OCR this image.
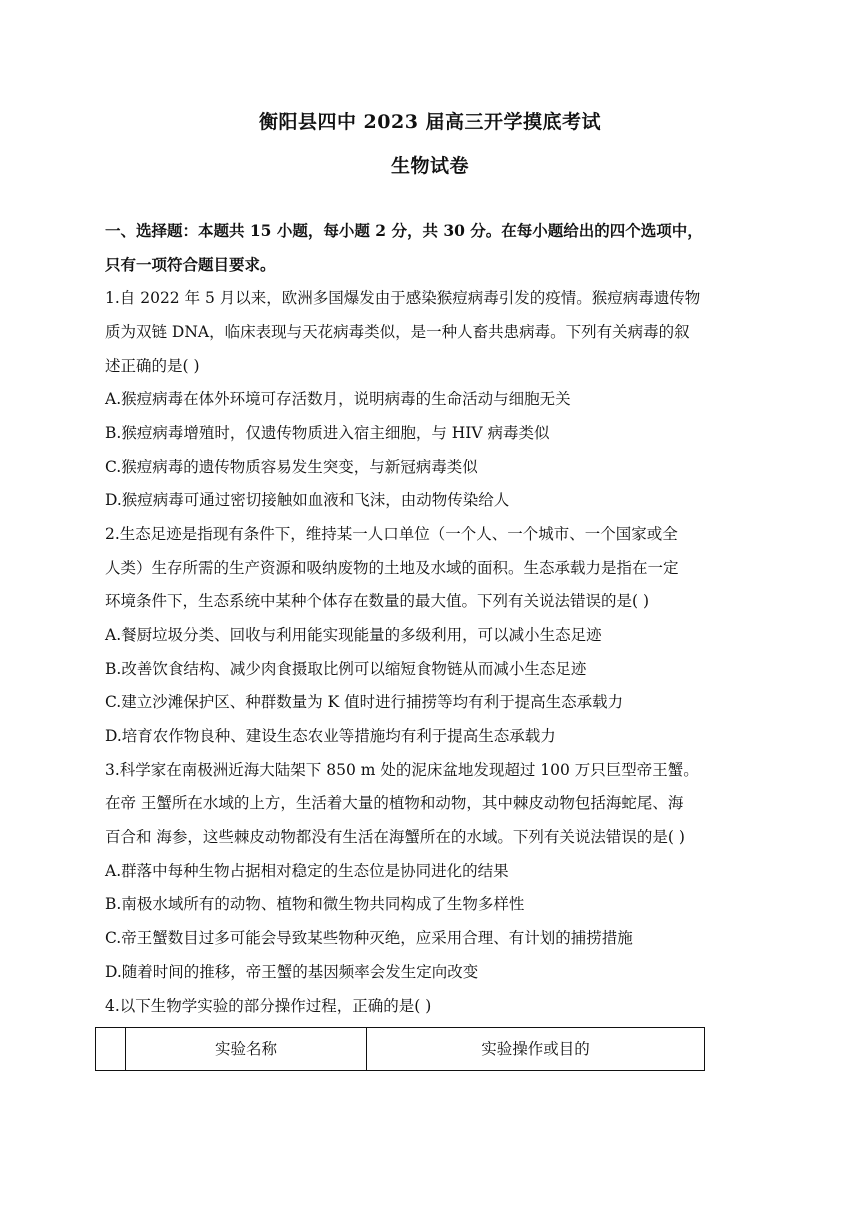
衡阳县四中 2023 届高三开学摸底考试
生物试卷
一、选择题：本题共 15 小题，每小题 2 分，共 30 分。在每小题给出的四个选项中，
只有一项符合题目要求。
1.自 2022 年 5 月以来，欧洲多国爆发由于感染猴痘病毒引发的疫情。猴痘病毒遗传物
质为双链 DNA，临床表现与天花病毒类似，是一种人畜共患病毒。下列有关病毒的叙
述正确的是( )
A.猴痘病毒在体外环境可存活数月，说明病毒的生命活动与细胞无关
B.猴痘病毒增殖时，仅遗传物质进入宿主细胞，与 HIV 病毒类似
C.猴痘病毒的遗传物质容易发生突变，与新冠病毒类似
D.猴痘病毒可通过密切接触如血液和飞沫，由动物传染给人
2.生态足迹是指现有条件下，维持某一人口单位（一个人、一个城市、一个国家或全
人类）生存所需的生产资源和吸纳废物的土地及水域的面积。生态承载力是指在一定
环境条件下，生态系统中某种个体存在数量的最大值。下列有关说法错误的是( )
A.餐厨垃圾分类、回收与利用能实现能量的多级利用，可以减小生态足迹
B.改善饮食结构、减少肉食摄取比例可以缩短食物链从而减小生态足迹
C.建立沙滩保护区、种群数量为 K 值时进行捕捞等均有利于提高生态承载力
D.培育农作物良种、建设生态农业等措施均有利于提高生态承载力
3.科学家在南极洲近海大陆架下 850 m 处的泥床盆地发现超过 100 万只巨型帝王蟹。
在帝 王蟹所在水域的上方，生活着大量的植物和动物，其中棘皮动物包括海蛇尾、海
百合和 海参，这些棘皮动物都没有生活在海蟹所在的水域。下列有关说法错误的是( )
A.群落中每种生物占据相对稳定的生态位是协同进化的结果
B.南极水域所有的动物、植物和微生物共同构成了生物多样性
C.帝王蟹数目过多可能会导致某些物种灭绝，应采用合理、有计划的捕捞措施
D.随着时间的推移，帝王蟹的基因频率会发生定向改变
4.以下生物学实验的部分操作过程，正确的是( )
	实验名称	实验操作或目的
